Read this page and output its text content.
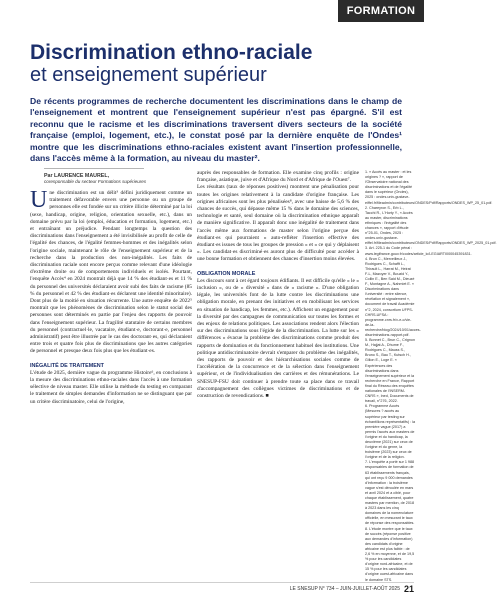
FORMATION
Discrimination ethno-raciale
et enseignement supérieur

De récents programmes de recherche documentent les discriminations dans le champ de l'enseignement et montrent que l'enseignement supérieur n'est pas épargné. S'il est reconnu que le racisme et les discriminations traversent divers secteurs de la société française (emploi, logement, etc.), le constat posé par la dernière enquête de l'Ondes¹ montre que les discriminations ethno-raciales existent avant l'insertion professionnelle, dans l'accès même à la formation, au niveau du master².

Par LAURENCE MAUREL,
coresponsable du secteur Formations supérieures
U ne discrimination est un délit³ défini juridiquement comme un traitement défavorable envers une personne ou un groupe de personnes elle est fondée sur un critère illicite déterminé par la loi (sexe, handicap, origine, religion, orientation sexuelle, etc.), dans un domaine prévu par la loi (emploi, éducation et formation, logement, etc.) et entraînant un préjudice. Pendant longtemps la question des discriminations dans l'enseignement a été invisibilisée au profit de celle de l'égalité des chances, de l'égalité femmes-hommes et des inégalités selon l'origine sociale, maintenant le rôle de l'enseignement supérieur et de la recherche dans la production des non-inégalités. Les faits de discrimination raciale sont encore perçus comme relevant d'une idéologie d'extrême droite ou de comportements individuels et isolés. Pourtant, l'enquête Accès⁴ en 2024 montrait déjà que 14 % des étudiant·es et 11 % du personnel des universités déclaraient avoir subi des faits de racisme (85 % du personnel et 42 % des étudiant·es déclarent une identité minoritaire). Dont plus de la moitié en situation récurrente. Une autre enquête de 2022⁵ montrait que les phénomènes de discrimination selon le statut social des personnes sont déterminés en partie par l'enjeu des rapports de pouvoir dans l'enseignement supérieur. La fragilité statutaire de certains membres du personnel (contractuel·le, vacataire, étudiant·e, doctorant·e, personnel administratif) peut être illustrée par le cas des doctorant·es, qui déclaraient entre trois et quatre fois plus de discriminations que les autres catégories de personnel et presque deux fois plus que les étudiant·es.

INÉGALITÉ DE TRAITEMENT

L'étude de 2025, dernière vague du programme Histoire⁶, en conclusions à la mesure des discriminations ethno-raciales dans l'accès à une formation sélective de niveau master. Elle utilise la méthode du testing en comparant le traitement de simples demandes d'information ne se distinguant que par un critère discriminatoire, celui de l'origine,

auprès des responsables de formation. Elle examine cinq profils : origine française, asiatique, juive et d'Afrique du Nord et d'Afrique de l'Ouest⁷.

Les résultats (taux de réponses positives) montrent une pénalisation pour toutes les origines relativement à la candidate d'origine française. Les origines africaines sont les plus pénalisées⁸, avec une baisse de 5,6 % des chances de succès, qui dépasse même 15 % dans le domaine des sciences, technologie et santé, seul domaine où la discrimination ethnique apparaît de manière significative. Il apparaît donc une inégalité de traitement dans l'accès même aux formations de master selon l'origine perçue des étudiant·es qui pourraient « auto-refléter l'insertion effective des étudiant·es issues de tous les groupes de pression » et « ce qui y déplaisent ». Les candidat·es discriminé·es auront plus de difficulté pour accéder à une bonne formation et obtiennent des chances d'insertion moins élevées.

OBLIGATION MORALE

Les discours sont à cet égard toujours édifiants. Il est difficile qu'elle « le « inclusion », ou de « diversité » dans de « racisme ». D'une obligation légale, les universités font de la lutte contre les discriminations une obligation morale, en prenant des initiatives et en mobilisant les services en situation de handicap, les femmes, etc.). Affichent un engagement pour la diversité par des campagnes de communication sur toutes les formes et des enjeux de relations politiques. Les associations rendent alors l'élection sur des discriminations sous l'égide de la discrimination. La lutte sur les « différences » évacue la problème des discriminations comme produit des rapports de domination et du fonctionnement habituel des institutions. Une politique antidiscriminatoire devrait s'emparer du problème des inégalités, des rapports de pouvoir et des hiérarchisations sociales comme de l'accélération de la concurrence et de la sélection dans l'enseignement supérieur, et de l'individualisation des carrières et des rémunérations. Le SNESUP-FSU doit continuer à prendre toute sa place dans ce travail d'accompagnement des collègues victimes de discriminations et de construction de revendications. ■

1. « Accès au master : et les origines ? », rapport de l'Observatoire national des discriminations et de l'égalité dans le supérieur (Ondes), 2025 : ondes.univ-gustave-eiffel.fr/fileadmin/contributeurs/ONDES/Pdf/Rapports/ONDES_WP_25_01.pdf.

2. Chareyron S., Erb L., Tacchi R., L'Horty Y., « Accès au master, discriminations ethniques : l'inégalité des chances », rapport d'étude n°25-01, Ondes, 2025 : ondes.univ-gustave-eiffel.fr/fileadmin/contributeurs/ONDES/Pdf/Rapports/ONDES_WP_2025_01.pdf.

3. Art. 225-1 du Code pénal : www.legifrance.gouv.fr/codes/article_lc/LEGIARTI000045391831.

4. Brun C., Merveilleux J., Rodrigues C., Schafft L., Thirault L., Harrat M., Heirat F-L, Mazoyer V., Bouzid Y., Collin E., Ben Said M., Dieuzé F., Montagne A., Nahmiet E. « Discriminations dans l'université : entre silence, révélation et signalement », document de travail Académie n°2, 2024, consortium UFPS-CHRS-UFSA : programme.cnrs.fr/v-e-c/vie-de-la-recherche/blog/2024/10/01/acces-discriminations-rapport.pdf.

5. Bonnet C., Brun C., Crignon M., Hajjat A., Dhume F., Rodrigues C., Mauss S., Bruno S., Bau T., Kutsch H., Gillon E., Loge E. « Expériences des discriminations dans l'enseignement supérieur et la recherche en France, Rapport final du Réseau des enquêtes nationales de l'INSERM-CNRS », Ined, Documents de travail, n°276, 2022.

6. Programme Accès (Mesures ? accès au supérieur par testing sur échantillons représentatifs) : la première vague (2017) a permis l'accès aux masters de l'origine et du handicap, la deuxième (2021) sur ceux de l'origine et du genre, la troisième (2023) sur ceux de l'origine et de la religion.

7. L'enquête a porté sur 1 988 responsables de formation de 63 établissements français, qui ont reçu 9 000 demandes d'information : la troisième vague s'est déroulée en mars et avril 2024 et a ciblé, pour chaque établissement, quatre masters par mention, de 2018 à 2023 dans les cinq domaines de la nomenclature officielle, en mesurant le taux de réponse des responsables.

8. L'étude montre que le taux de succès (réponse positive aux demandes d'information) des candidats d'origine africaine est plus faible : de 2,6 % en moyenne, et de 19,5 % pour les candidates d'origine nord-africaine, et de 15 % pour les candidates d'origine ouest-africaine dans le domaine STS.

LE SNESUP N° 734 – JUIN-JUILLET-AOÛT 2025 21
